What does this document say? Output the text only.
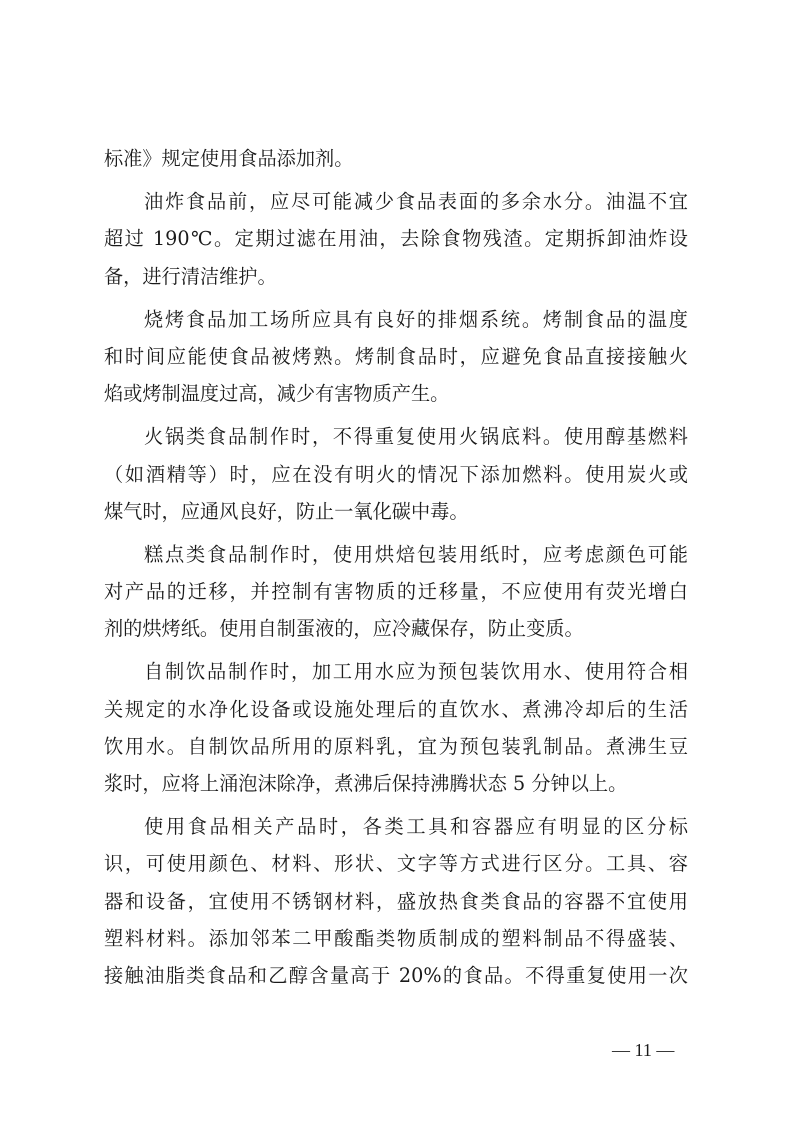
标准》规定使用食品添加剂。
油炸食品前，应尽可能减少食品表面的多余水分。油温不宜
超过 190℃。定期过滤在用油，去除食物残渣。定期拆卸油炸设
备，进行清洁维护。
烧烤食品加工场所应具有良好的排烟系统。烤制食品的温度
和时间应能使食品被烤熟。烤制食品时，应避免食品直接接触火
焰或烤制温度过高，减少有害物质产生。
火锅类食品制作时，不得重复使用火锅底料。使用醇基燃料
（如酒精等）时，应在没有明火的情况下添加燃料。使用炭火或
煤气时，应通风良好，防止一氧化碳中毒。
糕点类食品制作时，使用烘焙包装用纸时，应考虑颜色可能
对产品的迁移，并控制有害物质的迁移量，不应使用有荧光增白
剂的烘烤纸。使用自制蛋液的，应冷藏保存，防止变质。
自制饮品制作时，加工用水应为预包装饮用水、使用符合相
关规定的水净化设备或设施处理后的直饮水、煮沸冷却后的生活
饮用水。自制饮品所用的原料乳，宜为预包装乳制品。煮沸生豆
浆时，应将上涌泡沫除净，煮沸后保持沸腾状态 5 分钟以上。
使用食品相关产品时，各类工具和容器应有明显的区分标
识，可使用颜色、材料、形状、文字等方式进行区分。工具、容
器和设备，宜使用不锈钢材料，盛放热食类食品的容器不宜使用
塑料材料。添加邻苯二甲酸酯类物质制成的塑料制品不得盛装、
接触油脂类食品和乙醇含量高于 20%的食品。不得重复使用一次
— 11 —
